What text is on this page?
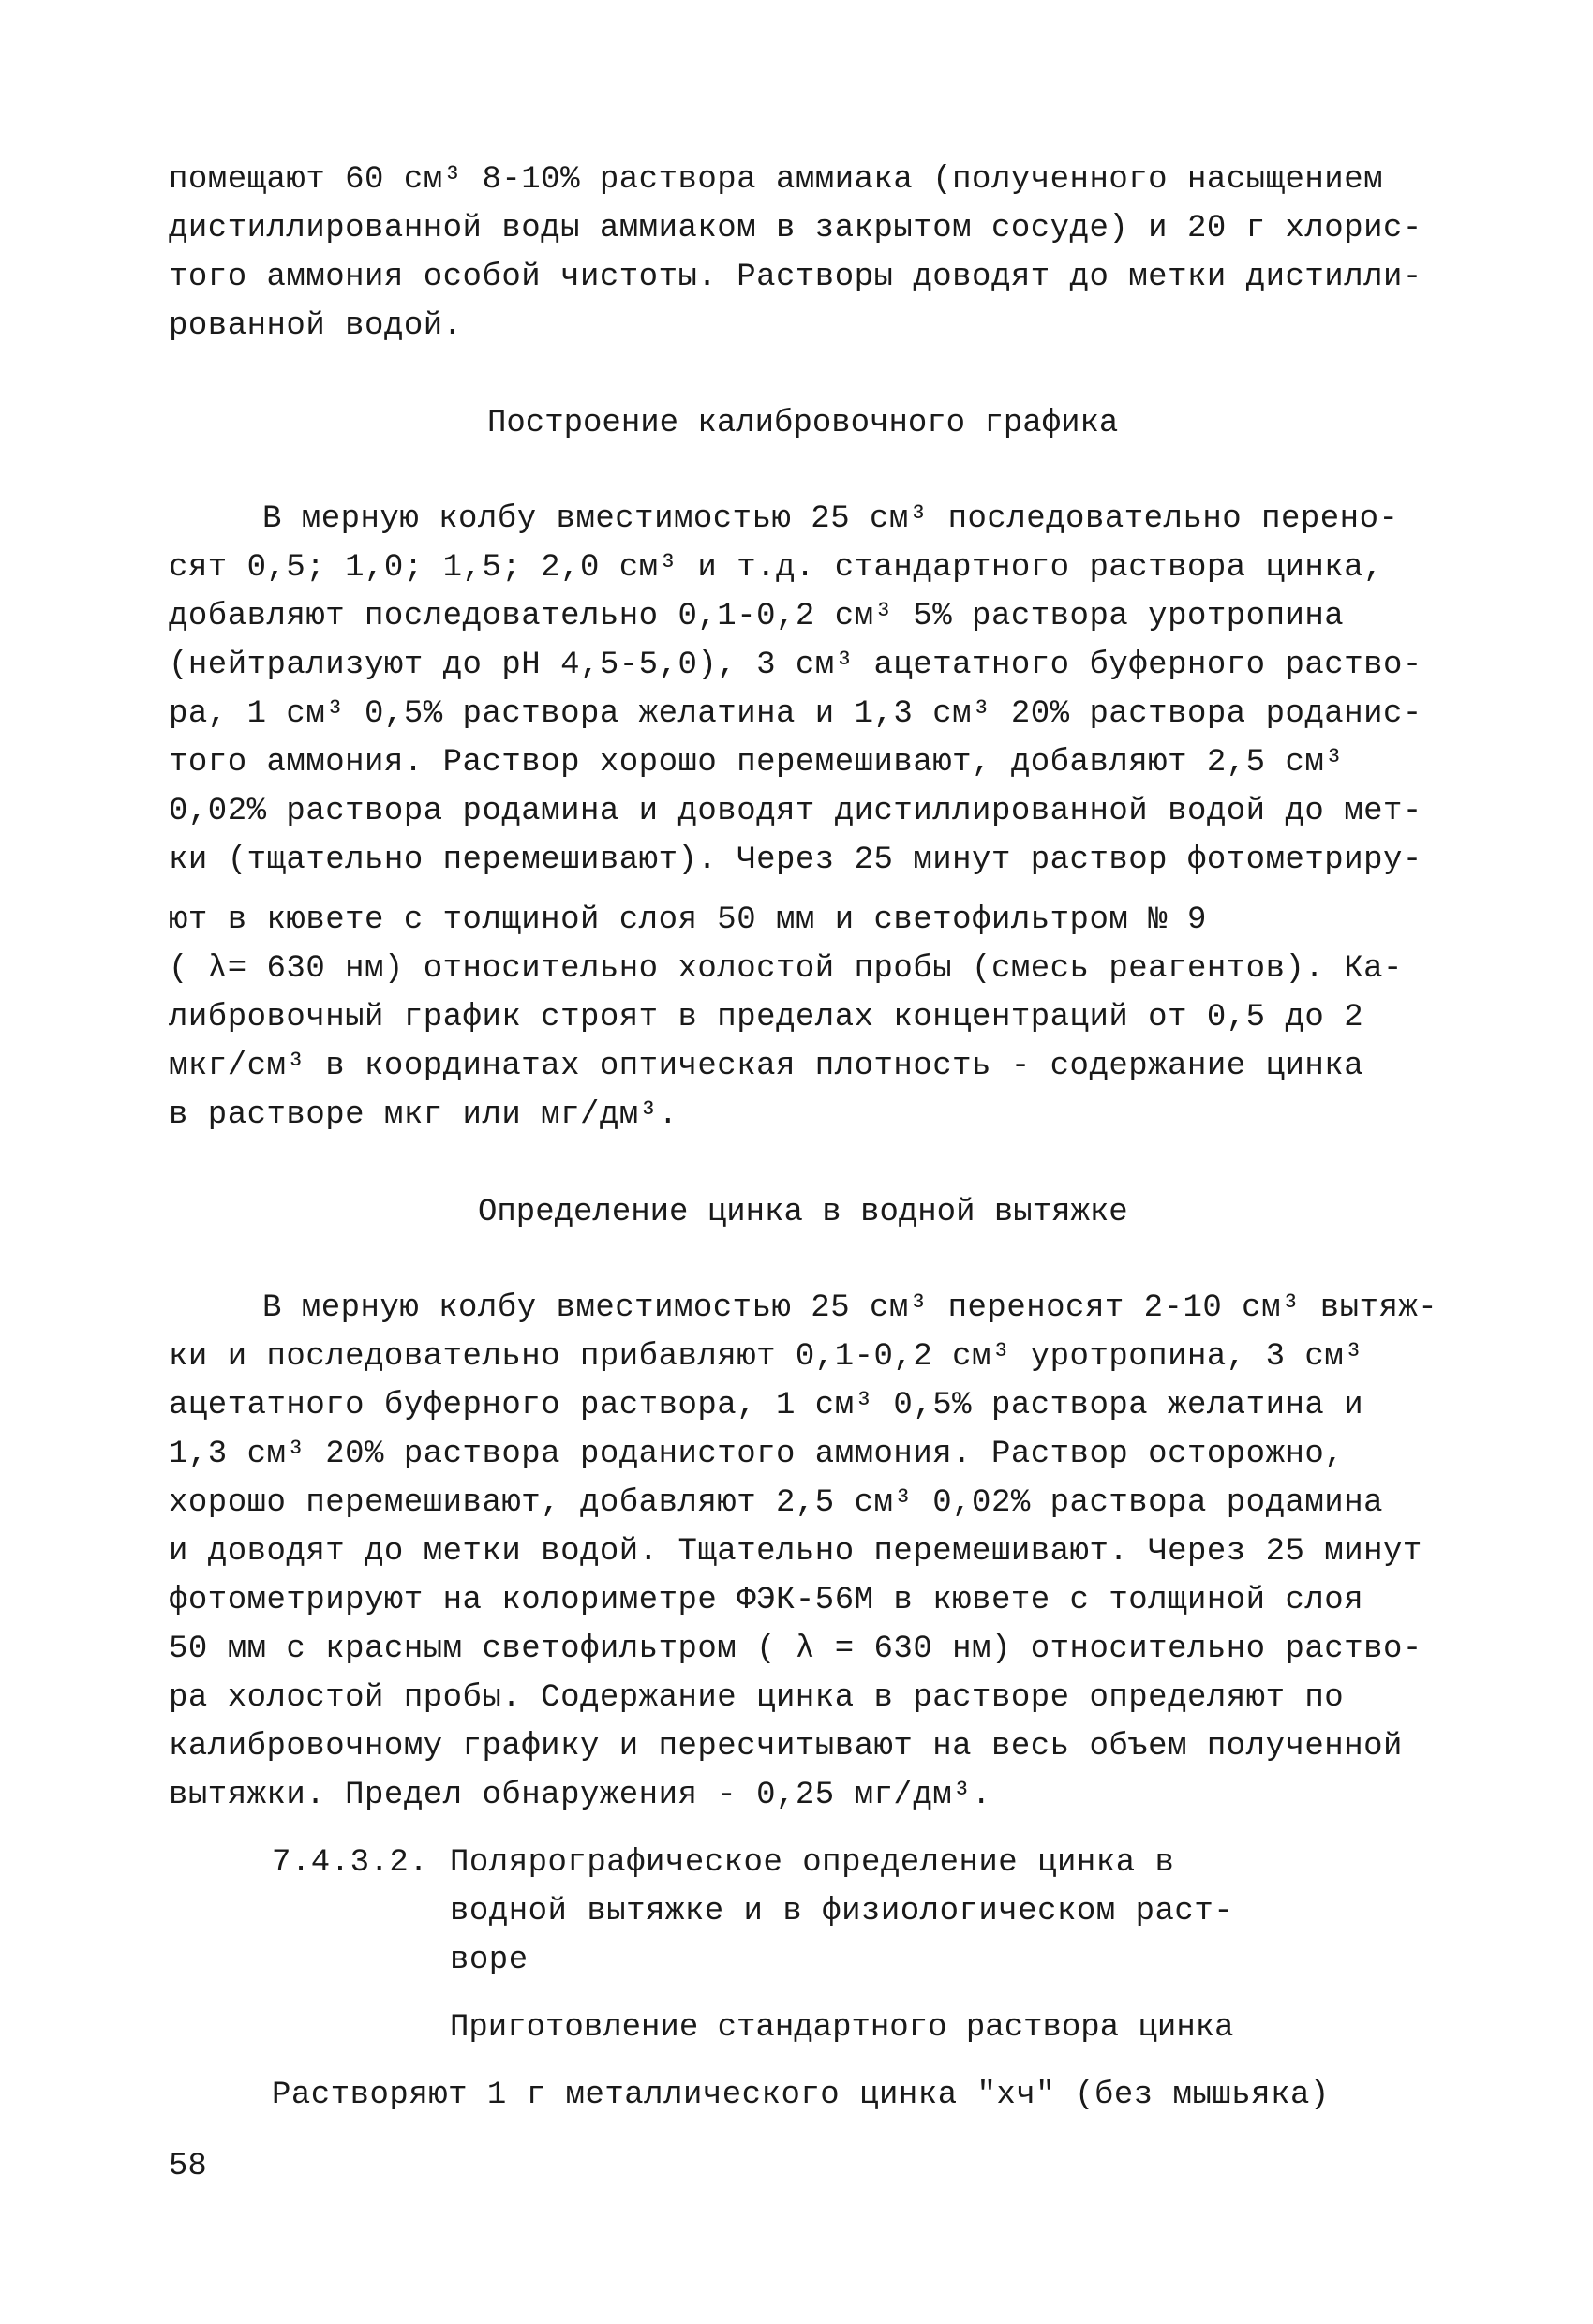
помещают 60 см³ 8-10% раствора аммиака (полученного насыщением
дистиллированной воды аммиаком в закрытом сосуде) и 20 г хлорис-
того аммония особой чистоты. Растворы доводят до метки дистилли-
рованной водой.
Построение калибровочного графика
В мерную колбу вместимостью 25 см³ последовательно перено-
сят 0,5; 1,0; 1,5; 2,0 см³ и т.д. стандартного раствора цинка,
добавляют последовательно 0,1-0,2 см³ 5% раствора уротропина
(нейтрализуют до pH 4,5-5,0), 3 см³ ацетатного буферного раство-
ра, 1 см³ 0,5% раствора желатина и 1,3 см³ 20% раствора роданис-
того аммония. Раствор хорошо перемешивают, добавляют 2,5 см³
0,02% раствора родамина и доводят дистиллированной водой до мет-
ки (тщательно перемешивают). Через 25 минут раствор фотометриру-
ют в кювете с толщиной слоя 50 мм и светофильтром № 9
( λ= 630 нм) относительно холостой пробы (смесь реагентов). Ка-
либровочный график строят в пределах концентраций от 0,5 до 2
мкг/см³ в координатах оптическая плотность - содержание цинка
в растворе мкг или мг/дм³.
Определение цинка в водной вытяжке
В мерную колбу вместимостью 25 см³ переносят 2-10 см³ вытяж-
ки и последовательно прибавляют 0,1-0,2 см³ уротропина, 3 см³
ацетатного буферного раствора, 1 см³ 0,5% раствора желатина и
1,3 см³ 20% раствора роданистого аммония. Раствор осторожно,
хорошо перемешивают, добавляют 2,5 см³ 0,02% раствора родамина
и доводят до метки водой. Тщательно перемешивают. Через 25 минут
фотометрируют на колориметре ФЭК-56М в кювете с толщиной слоя
50 мм с красным светофильтром ( λ = 630 нм) относительно раство-
ра холостой пробы. Содержание цинка в растворе определяют по
калибровочному графику и пересчитывают на весь объем полученной
вытяжки. Предел обнаружения - 0,25 мг/дм³.
7.4.3.2. Полярографическое определение цинка в
водной вытяжке и в физиологическом раст-
воре
Приготовление стандартного раствора цинка
Растворяют 1 г металлического цинка "хч" (без мышьяка)
58
